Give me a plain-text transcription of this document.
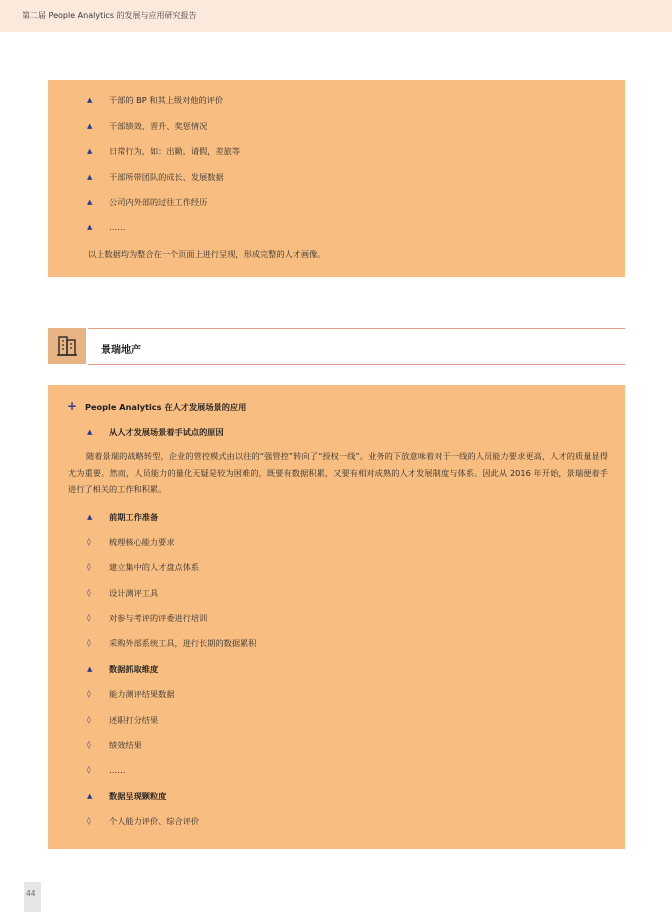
第二届 People Analytics 的发展与应用研究报告
▲ 干部的 BP 和其上级对他的评价
▲ 干部绩效、晋升、奖惩情况
▲ 日常行为，如：出勤，请假，差旅等
▲ 干部所带团队的成长、发展数据
▲ 公司内外部的过往工作经历
▲ ……
以上数据均为整合在一个页面上进行呈现，形成完整的人才画像。
景瑞地产
+ People Analytics 在人才发展场景的应用
▲ 从人才发展场景着手试点的原因
随着景瑞的战略转型，企业的管控模式由以往的“强管控”转向了“授权一线”。业务的下放意味着对于一线的人员能力要求更高，人才的质量显得尤为重要。然而，人员能力的量化无疑是较为困难的，既要有数据积累，又要有相对成熟的人才发展制度与体系。因此从 2016 年开始，景瑞便着手进行了相关的工作和积累。
▲ 前期工作准备
◊ 梳理核心能力要求
◊ 建立集中的人才盘点体系
◊ 设计测评工具
◊ 对参与考评的评委进行培训
◊ 采购外部系统工具，进行长期的数据累积
▲ 数据抓取维度
◊ 能力测评结果数据
◊ 述职打分结果
◊ 绩效结果
◊ ……
▲ 数据呈现颗粒度
◊ 个人能力评价、综合评价
44
